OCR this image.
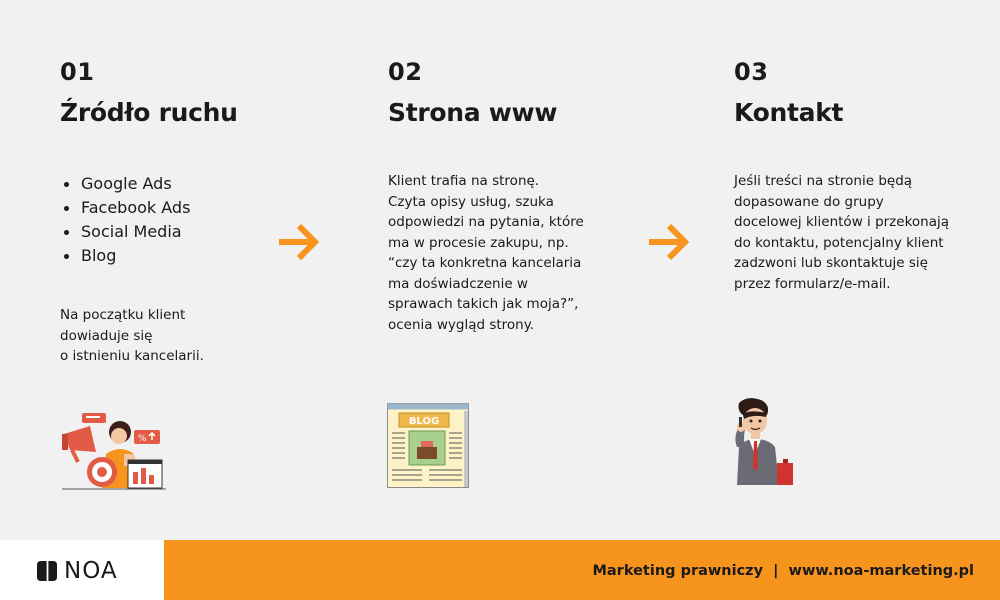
01
Źródło ruchu
Google Ads
Facebook Ads
Social Media
Blog
Na początku klient
dowiaduje się
o istnieniu kancelarii.
02
Strona www
Klient trafia na stronę.
Czyta opisy usług, szuka
odpowiedzi na pytania, które
ma w procesie zakupu, np.
“czy ta konkretna kancelaria
ma doświadczenie w
sprawach takich jak moja?”,
ocenia wygląd strony.
03
Kontakt
Jeśli treści na stronie będą
dopasowane do grupy
docelowej klientów i przekonają
do kontaktu, potencjalny klient
zadzwoni lub skontaktuje się
przez formularz/e-mail.
%
BLOG
NOA	Marketing prawniczy  |  www.noa-marketing.pl
